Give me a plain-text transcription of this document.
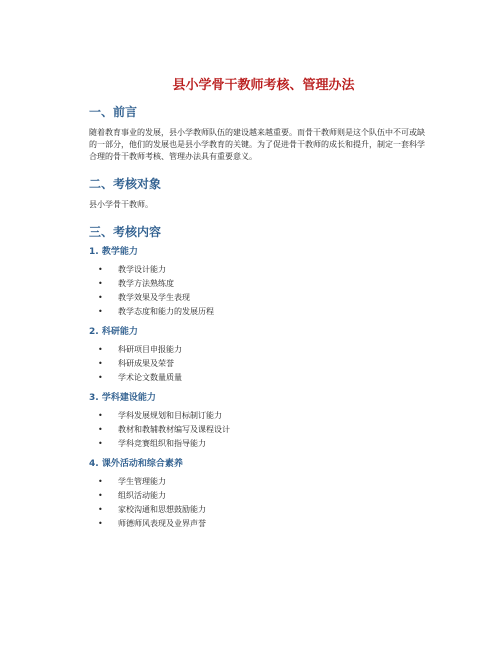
县小学骨干教师考核、管理办法
一、前言

随着教育事业的发展，县小学教师队伍的建设越来越重要。而骨干教师则是这个队伍中不可或缺的一部分，他们的发展也是县小学教育的关键。为了促进骨干教师的成长和提升，制定一套科学合理的骨干教师考核、管理办法具有重要意义。

二、考核对象

县小学骨干教师。

三、考核内容
1. 教学能力
• 教学设计能力
• 教学方法熟练度
• 教学效果及学生表现
• 教学态度和能力的发展历程
2. 科研能力
• 科研项目申报能力
• 科研成果及荣誉
• 学术论文数量质量
3. 学科建设能力
• 学科发展规划和目标制订能力
• 教材和教辅教材编写及课程设计
• 学科竞赛组织和指导能力
4. 课外活动和综合素养
• 学生管理能力
• 组织活动能力
• 家校沟通和思想鼓励能力
• 师德师风表现及业界声誉
